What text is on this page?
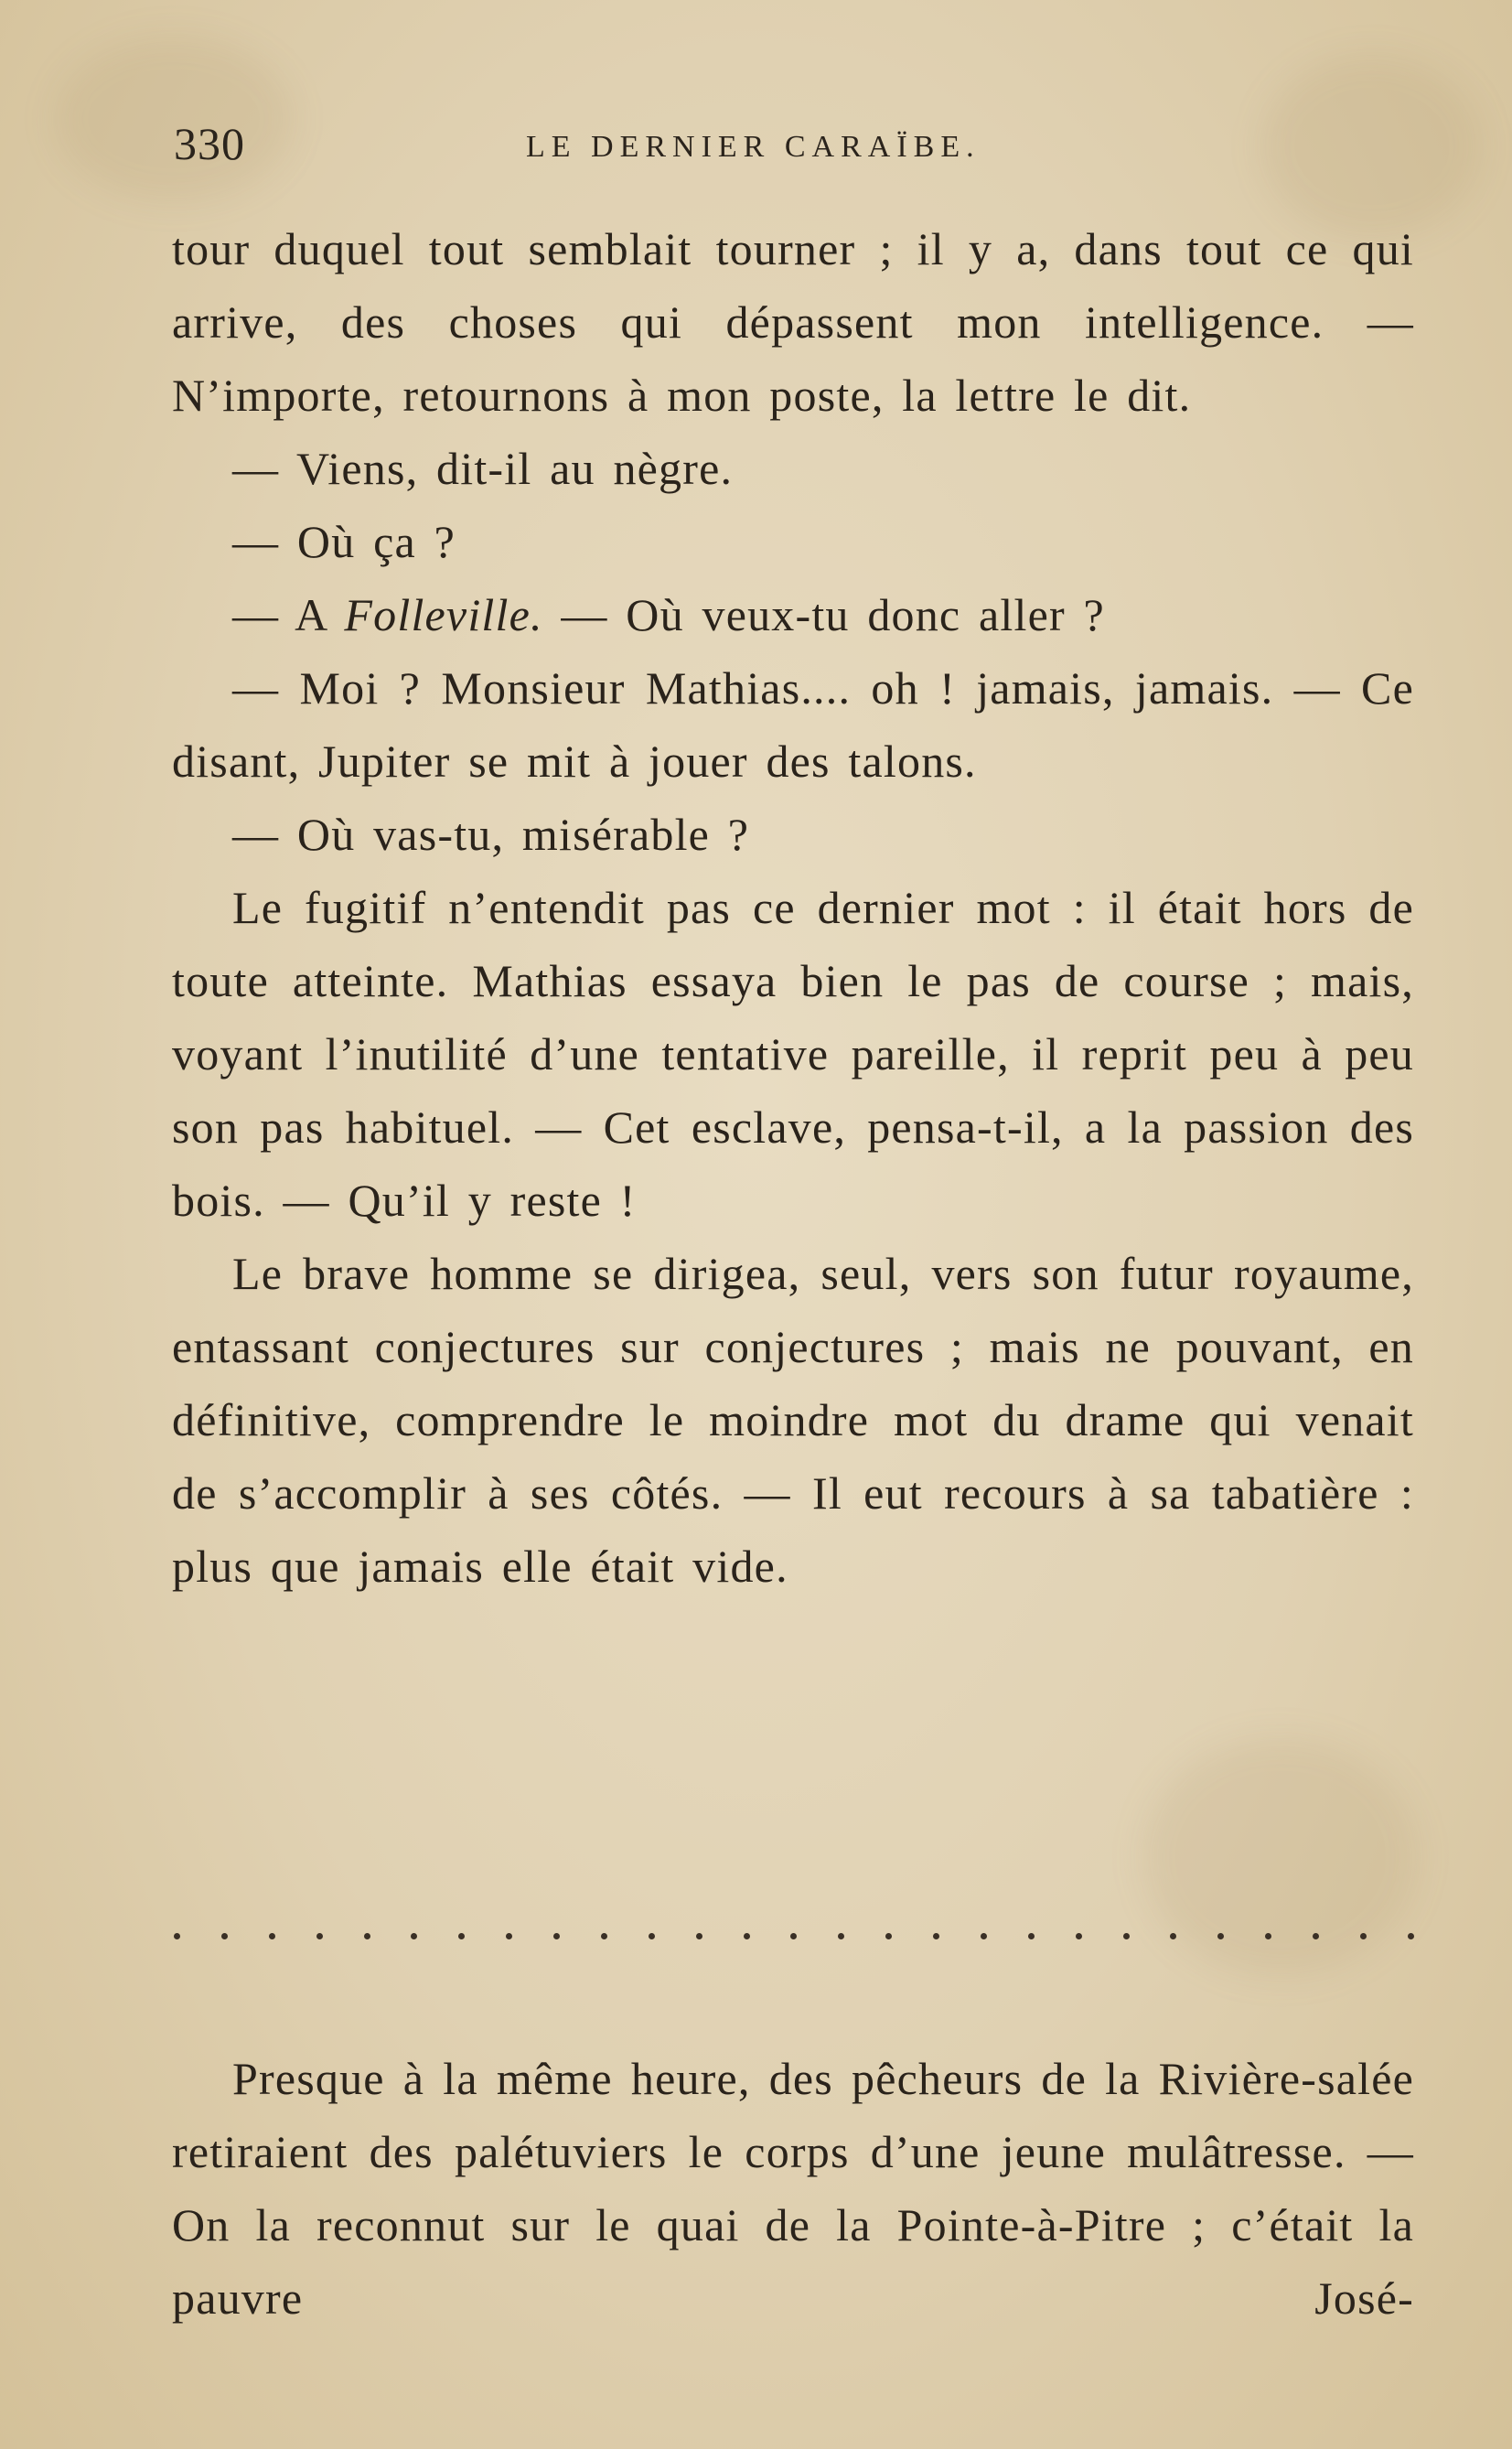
330	LE DERNIER CARAÏBE.

tour duquel tout semblait tourner ; il y a, dans tout ce qui arrive, des choses qui dépassent mon intelligence. — N’importe, retournons à mon poste, la lettre le dit.

— Viens, dit-il au nègre.

— Où ça ?

— A Folleville. — Où veux-tu donc aller ?

— Moi ? Monsieur Mathias.... oh ! jamais, jamais. — Ce disant, Jupiter se mit à jouer des talons.

— Où vas-tu, misérable ?

Le fugitif n’entendit pas ce dernier mot : il était hors de toute atteinte. Mathias essaya bien le pas de course ; mais, voyant l’inutilité d’une tentative pareille, il reprit peu à peu son pas habituel. — Cet esclave, pensa-t-il, a la passion des bois. — Qu’il y reste !

Le brave homme se dirigea, seul, vers son futur royaume, entassant conjectures sur conjectures ; mais ne pouvant, en définitive, comprendre le moindre mot du drame qui venait de s’accomplir à ses côtés. — Il eut recours à sa tabatière : plus que jamais elle était vide.

Presque à la même heure, des pêcheurs de la Rivière-salée retiraient des palétuviers le corps d’une jeune mulâtresse. — On la reconnut sur le quai de la Pointe-à-Pitre ; c’était la pauvre José-
